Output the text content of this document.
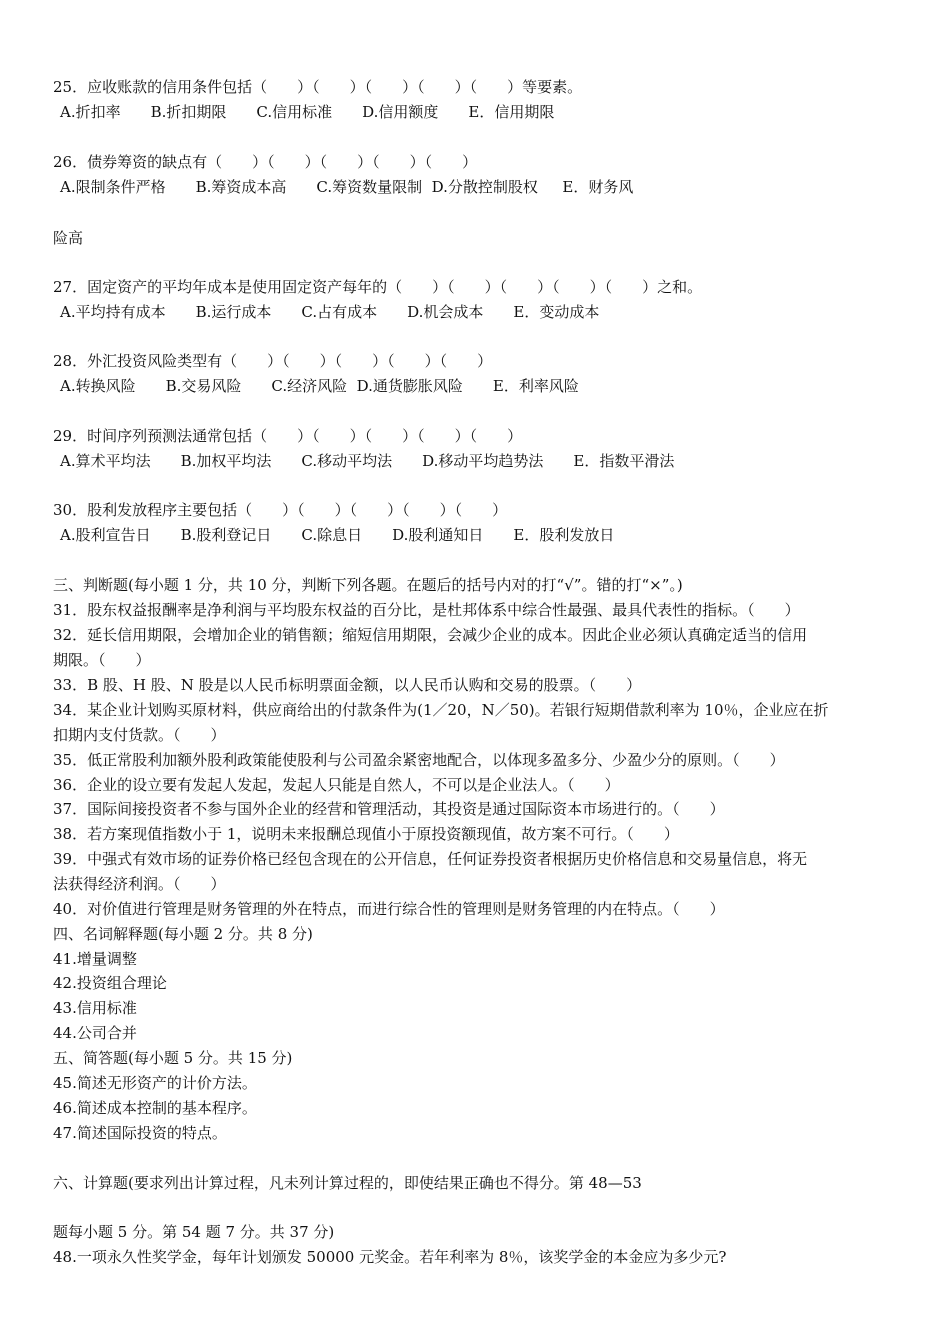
25．应收账款的信用条件包括（　　）（　　）（　　）（　　）（　　）等要素。
A.折扣率　　B.折扣期限　　C.信用标准　　D.信用额度　　E．信用期限
26．债券筹资的缺点有（　　）（　　）（　　）（　　）（　　）
A.限制条件严格　　B.筹资成本高　　C.筹资数量限制  D.分散控制股权　  E．财务风
险高
27．固定资产的平均年成本是使用固定资产每年的（　　）（　　）（　　）（　　）（　　）之和。
A.平均持有成本　　B.运行成本　　C.占有成本　　D.机会成本　　E．变动成本
28．外汇投资风险类型有（　　）（　　）（　　）（　　）（　　）
A.转换风险　　B.交易风险　　C.经济风险  D.通货膨胀风险　　E．利率风险
29．时间序列预测法通常包括（　　）（　　）（　　）（　　）（　　）
A.算术平均法　　B.加权平均法　　C.移动平均法　　D.移动平均趋势法　　E．指数平滑法
30．股利发放程序主要包括（　　）（　　）（　　）（　　）（　　）
A.股利宣告日　　B.股利登记日　　C.除息日　　D.股利通知日　　E．股利发放日
三、判断题(每小题 1 分，共 10 分，判断下列各题。在题后的括号内对的打“√”。错的打“×”。)
31．股东权益报酬率是净利润与平均股东权益的百分比，是杜邦体系中综合性最强、最具代表性的指标。（　　）
32．延长信用期限，会增加企业的销售额；缩短信用期限，会减少企业的成本。因此企业必须认真确定适当的信用
期限。（　　）
33．B 股、H 股、N 股是以人民币标明票面金额，以人民币认购和交易的股票。（　　）
34．某企业计划购买原材料，供应商给出的付款条件为(1／20，N／50)。若银行短期借款利率为 10％，企业应在折
扣期内支付货款。（　　）
35．低正常股利加额外股利政策能使股利与公司盈余紧密地配合，以体现多盈多分、少盈少分的原则。（　　）
36．企业的设立要有发起人发起，发起人只能是自然人，不可以是企业法人。（　　）
37．国际间接投资者不参与国外企业的经营和管理活动，其投资是通过国际资本市场进行的。（　　）
38．若方案现值指数小于 1，说明未来报酬总现值小于原投资额现值，故方案不可行。（　　）
39．中强式有效市场的证券价格已经包含现在的公开信息，任何证券投资者根据历史价格信息和交易量信息，将无
法获得经济利润。（　　）
40．对价值进行管理是财务管理的外在特点，而进行综合性的管理则是财务管理的内在特点。（　　）
四、名词解释题(每小题 2 分。共 8 分)
41.增量调整
42.投资组合理论
43.信用标准
44.公司合并
五、简答题(每小题 5 分。共 15 分)
45.简述无形资产的计价方法。
46.简述成本控制的基本程序。
47.简述国际投资的特点。
六、计算题(要求列出计算过程，凡未列计算过程的，即使结果正确也不得分。第 48—53
题每小题 5 分。第 54 题 7 分。共 37 分)
48.一项永久性奖学金，每年计划颁发 50000 元奖金。若年利率为 8％，该奖学金的本金应为多少元?
